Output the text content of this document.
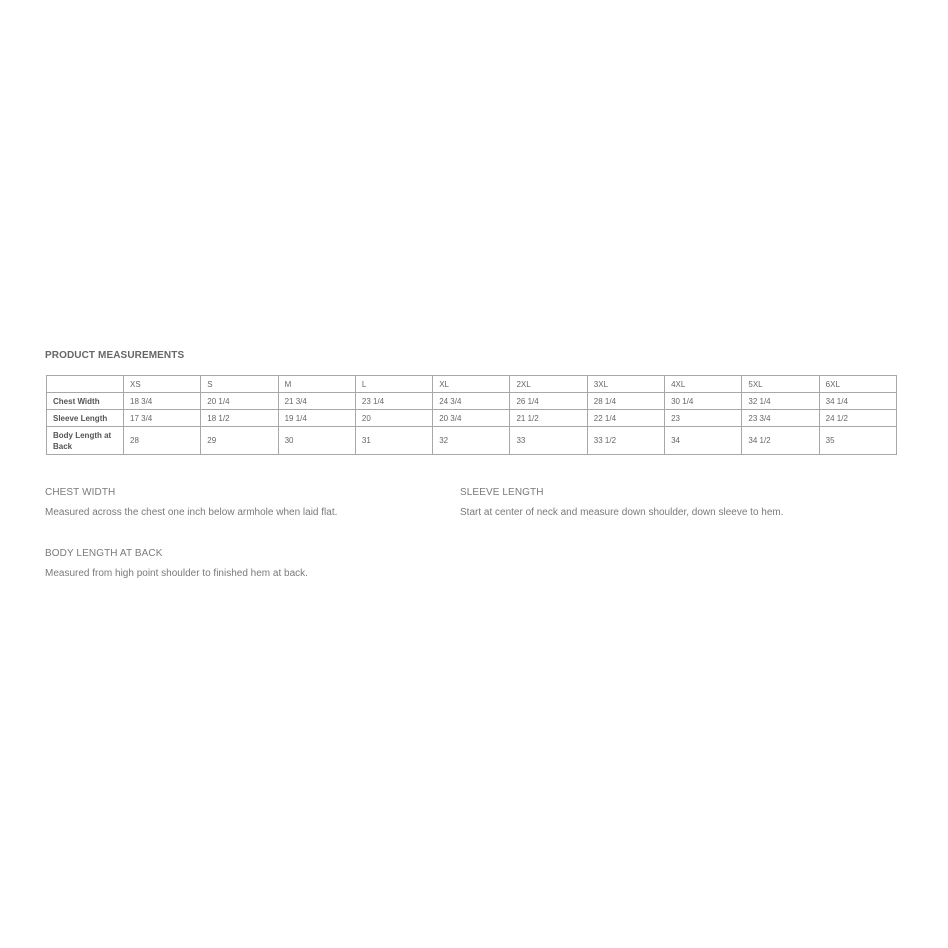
PRODUCT MEASUREMENTS
	XS	S	M	L	XL	2XL	3XL	4XL	5XL	6XL
Chest Width	18 3/4	20 1/4	21 3/4	23 1/4	24 3/4	26 1/4	28 1/4	30 1/4	32 1/4	34 1/4
Sleeve Length	17 3/4	18 1/2	19 1/4	20	20 3/4	21 1/2	22 1/4	23	23 3/4	24 1/2
Body Length at Back	28	29	30	31	32	33	33 1/2	34	34 1/2	35
CHEST WIDTH
Measured across the chest one inch below armhole when laid flat.
SLEEVE LENGTH
Start at center of neck and measure down shoulder, down sleeve to hem.
BODY LENGTH AT BACK
Measured from high point shoulder to finished hem at back.
